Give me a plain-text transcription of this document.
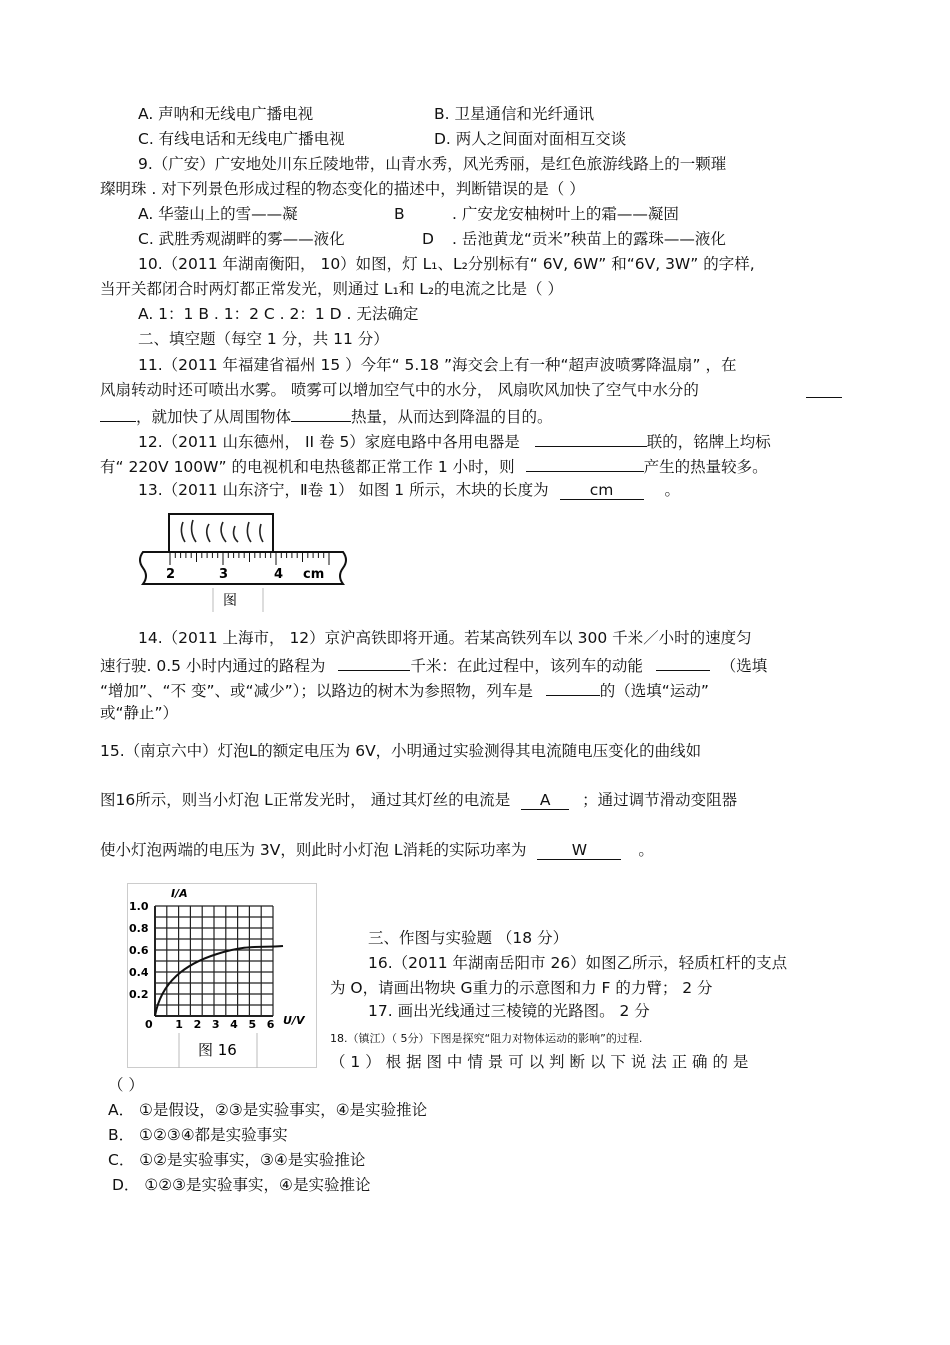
A. 声呐和无线电广播电视	B. 卫星通信和光纤通讯
C. 有线电话和无线电广播电视	D. 两人之间面对面相互交谈
9.（广安）广安地处川东丘陵地带，山青水秀，风光秀丽，是红色旅游线路上的一颗璀
璨明珠 . 对下列景色形成过程的物态变化的描述中，判断错误的是（ ）
A. 华蓥山上的雪——凝	B	. 广安龙安柚树叶上的霜——凝固
C. 武胜秀观湖畔的雾——液化	D . 岳池黄龙“贡米”秧苗上的露珠——液化
10.（2011 年湖南衡阳， 10）如图，灯 L₁、L₂分别标有“ 6V, 6W” 和“6V, 3W” 的字样,
当开关都闭合时两灯都正常发光，则通过 L₁和 L₂的电流之比是（ ）
A. 1：1 B . 1：2 C . 2：1 D . 无法确定
二、填空题（每空 1 分，共 11 分）
11.（2011 年福建省福州 15 ）今年“ 5.18 ”海交会上有一种“超声波喷雾降温扇” ，在
风扇转动时还可喷出水雾。 喷雾可以增加空气中的水分， 风扇吹风加快了空气中水分的
，就加快了从周围物体	热量，从而达到降温的目的。
12.（2011 山东德州， II 卷 5）家庭电路中各用电器是	联的，铭牌上均标
有“ 220V 100W” 的电视机和电热毯都正常工作 1 小时，则	产生的热量较多。
13.（2011 山东济宁，Ⅱ卷 1） 如图 1 所示，木块的长度为	cm	。
2	3	4 cm
图
14.（2011 上海市， 12）京沪高铁即将开通。若某高铁列车以 300 千米／小时的速度匀
速行驶. 0.5 小时内通过的路程为	千米：在此过程中，该列车的动能	（选填
“增加”、“不 变”、或“减少”）；以路边的树木为参照物，列车是	的（选填“运动”
或“静止”）
15.（南京六中）灯泡L的额定电压为 6V，小明通过实验测得其电流随电压变化的曲线如
图16所示，则当小灯泡 L正常发光时， 通过其灯丝的电流是 A ；通过调节滑动变阻器
使小灯泡两端的电压为 3V，则此时小灯泡 L消耗的实际功率为	W	。
1.0
0.8
0.6
0.4
0.2
0 1 2 3 4 5 6
I/A
U/V
图 16
三、作图与实验题 （18 分）
16.（2011 年湖南岳阳市 26）如图乙所示，轻质杠杆的支点
为 O，请画出物块 G重力的示意图和力 F 的力臂； 2 分
17. 画出光线通过三棱镜的光路图。 2 分
18.（镇江）（ 5分）下图是探究“阻力对物体运动的影响”的过程.
（ 1 ） 根 据 图 中 情 景 可 以 判 断 以 下 说 法 正 确 的 是
（ ）
A． ①是假设，②③是实验事实，④是实验推论
B． ①②③④都是实验事实
C． ①②是实验事实，③④是实验推论
D． ①②③是实验事实，④是实验推论
